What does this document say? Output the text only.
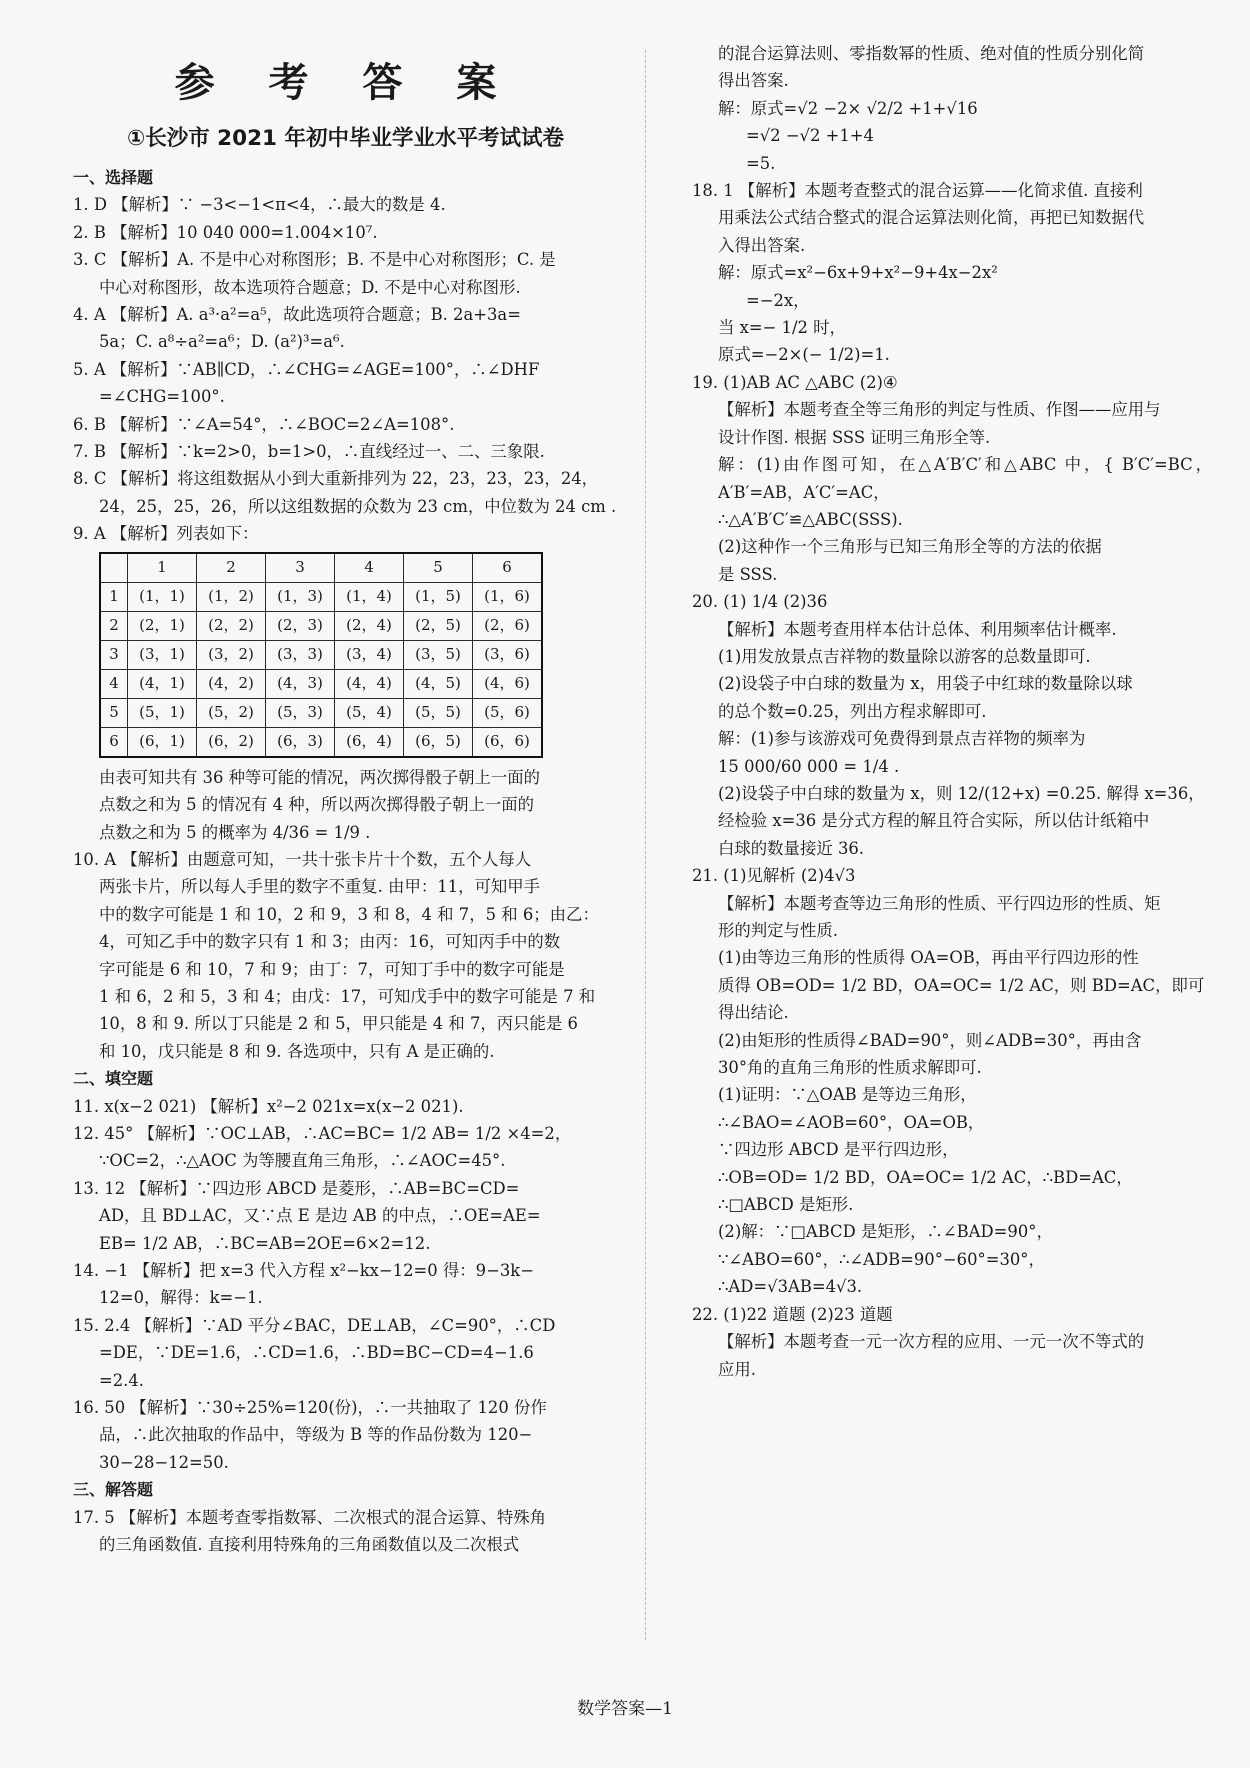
参 考 答 案
①长沙市 2021 年初中毕业学业水平考试试卷

一、选择题

1. D 【解析】∵ −3<−1<π<4，∴最大的数是 4.

2. B 【解析】10 040 000=1.004×10⁷.

3. C 【解析】A. 不是中心对称图形；B. 不是中心对称图形；C. 是

中心对称图形，故本选项符合题意；D. 不是中心对称图形.

4. A 【解析】A. a³·a²=a⁵，故此选项符合题意；B. 2a+3a=

5a；C. a⁸÷a²=a⁶；D. (a²)³=a⁶.

5. A 【解析】∵AB∥CD，∴∠CHG=∠AGE=100°，∴∠DHF

=∠CHG=100°.

6. B 【解析】∵∠A=54°，∴∠BOC=2∠A=108°.

7. B 【解析】∵k=2>0，b=1>0，∴直线经过一、二、三象限.

8. C 【解析】将这组数据从小到大重新排列为 22，23，23，23，24，

24，25，25，26，所以这组数据的众数为 23 cm，中位数为 24 cm .

9. A 【解析】列表如下：

	1	2	3	4	5	6
1	(1，1)	(1，2)	(1，3)	(1，4)	(1，5)	(1，6)
2	(2，1)	(2，2)	(2，3)	(2，4)	(2，5)	(2，6)
3	(3，1)	(3，2)	(3，3)	(3，4)	(3，5)	(3，6)
4	(4，1)	(4，2)	(4，3)	(4，4)	(4，5)	(4，6)
5	(5，1)	(5，2)	(5，3)	(5，4)	(5，5)	(5，6)
6	(6，1)	(6，2)	(6，3)	(6，4)	(6，5)	(6，6)

由表可知共有 36 种等可能的情况，两次掷得骰子朝上一面的

点数之和为 5 的情况有 4 种，所以两次掷得骰子朝上一面的

点数之和为 5 的概率为 4/36 = 1/9 .

10. A 【解析】由题意可知，一共十张卡片十个数，五个人每人

两张卡片，所以每人手里的数字不重复. 由甲：11，可知甲手

中的数字可能是 1 和 10，2 和 9，3 和 8，4 和 7，5 和 6；由乙：

4，可知乙手中的数字只有 1 和 3；由丙：16，可知丙手中的数

字可能是 6 和 10，7 和 9；由丁：7，可知丁手中的数字可能是

1 和 6，2 和 5，3 和 4；由戊：17，可知戊手中的数字可能是 7 和

10，8 和 9. 所以丁只能是 2 和 5，甲只能是 4 和 7，丙只能是 6

和 10，戊只能是 8 和 9. 各选项中，只有 A 是正确的.

二、填空题

11. x(x−2 021) 【解析】x²−2 021x=x(x−2 021).

12. 45° 【解析】∵OC⊥AB，∴AC=BC= 1/2 AB= 1/2 ×4=2，

∵OC=2，∴△AOC 为等腰直角三角形，∴∠AOC=45°.

13. 12 【解析】∵四边形 ABCD 是菱形，∴AB=BC=CD=

AD，且 BD⊥AC，又∵点 E 是边 AB 的中点，∴OE=AE=

EB= 1/2 AB，∴BC=AB=2OE=6×2=12.

14. −1 【解析】把 x=3 代入方程 x²−kx−12=0 得：9−3k−

12=0，解得：k=−1.

15. 2.4 【解析】∵AD 平分∠BAC，DE⊥AB，∠C=90°，∴CD

=DE，∵DE=1.6，∴CD=1.6，∴BD=BC−CD=4−1.6

=2.4.

16. 50 【解析】∵30÷25%=120(份)，∴一共抽取了 120 份作

品，∴此次抽取的作品中，等级为 B 等的作品份数为 120−

30−28−12=50.

三、解答题

17. 5 【解析】本题考查零指数幂、二次根式的混合运算、特殊角

的三角函数值. 直接利用特殊角的三角函数值以及二次根式

的混合运算法则、零指数幂的性质、绝对值的性质分别化简

得出答案.

解：原式=√2 −2× √2/2 +1+√16

=√2 −√2 +1+4

=5.

18. 1 【解析】本题考查整式的混合运算——化简求值. 直接利

用乘法公式结合整式的混合运算法则化简，再把已知数据代

入得出答案.

解：原式=x²−6x+9+x²−9+4x−2x²

=−2x，

当 x=− 1/2 时，

原式=−2×(− 1/2)=1.

19. (1)AB AC △ABC (2)④

【解析】本题考查全等三角形的判定与性质、作图——应用与

设计作图. 根据 SSS 证明三角形全等.

解：(1)由作图可知，在△A′B′C′和△ABC 中，{ B′C′=BC，A′B′=AB，A′C′=AC，

∴△A′B′C′≌△ABC(SSS).

(2)这种作一个三角形与已知三角形全等的方法的依据

是 SSS.

20. (1) 1/4 (2)36

【解析】本题考查用样本估计总体、利用频率估计概率.

(1)用发放景点吉祥物的数量除以游客的总数量即可.

(2)设袋子中白球的数量为 x，用袋子中红球的数量除以球

的总个数=0.25，列出方程求解即可.

解：(1)参与该游戏可免费得到景点吉祥物的频率为

15 000/60 000 = 1/4 .

(2)设袋子中白球的数量为 x，则 12/(12+x) =0.25. 解得 x=36，

经检验 x=36 是分式方程的解且符合实际，所以估计纸箱中

白球的数量接近 36.

21. (1)见解析 (2)4√3

【解析】本题考查等边三角形的性质、平行四边形的性质、矩

形的判定与性质.

(1)由等边三角形的性质得 OA=OB，再由平行四边形的性

质得 OB=OD= 1/2 BD，OA=OC= 1/2 AC，则 BD=AC，即可

得出结论.

(2)由矩形的性质得∠BAD=90°，则∠ADB=30°，再由含

30°角的直角三角形的性质求解即可.

(1)证明：∵△OAB 是等边三角形，

∴∠BAO=∠AOB=60°，OA=OB，

∵四边形 ABCD 是平行四边形，

∴OB=OD= 1/2 BD，OA=OC= 1/2 AC，∴BD=AC，

∴□ABCD 是矩形.

(2)解：∵□ABCD 是矩形，∴∠BAD=90°，

∵∠ABO=60°，∴∠ADB=90°−60°=30°，

∴AD=√3AB=4√3.

22. (1)22 道题 (2)23 道题

【解析】本题考查一元一次方程的应用、一元一次不等式的

应用.

数学答案—1
